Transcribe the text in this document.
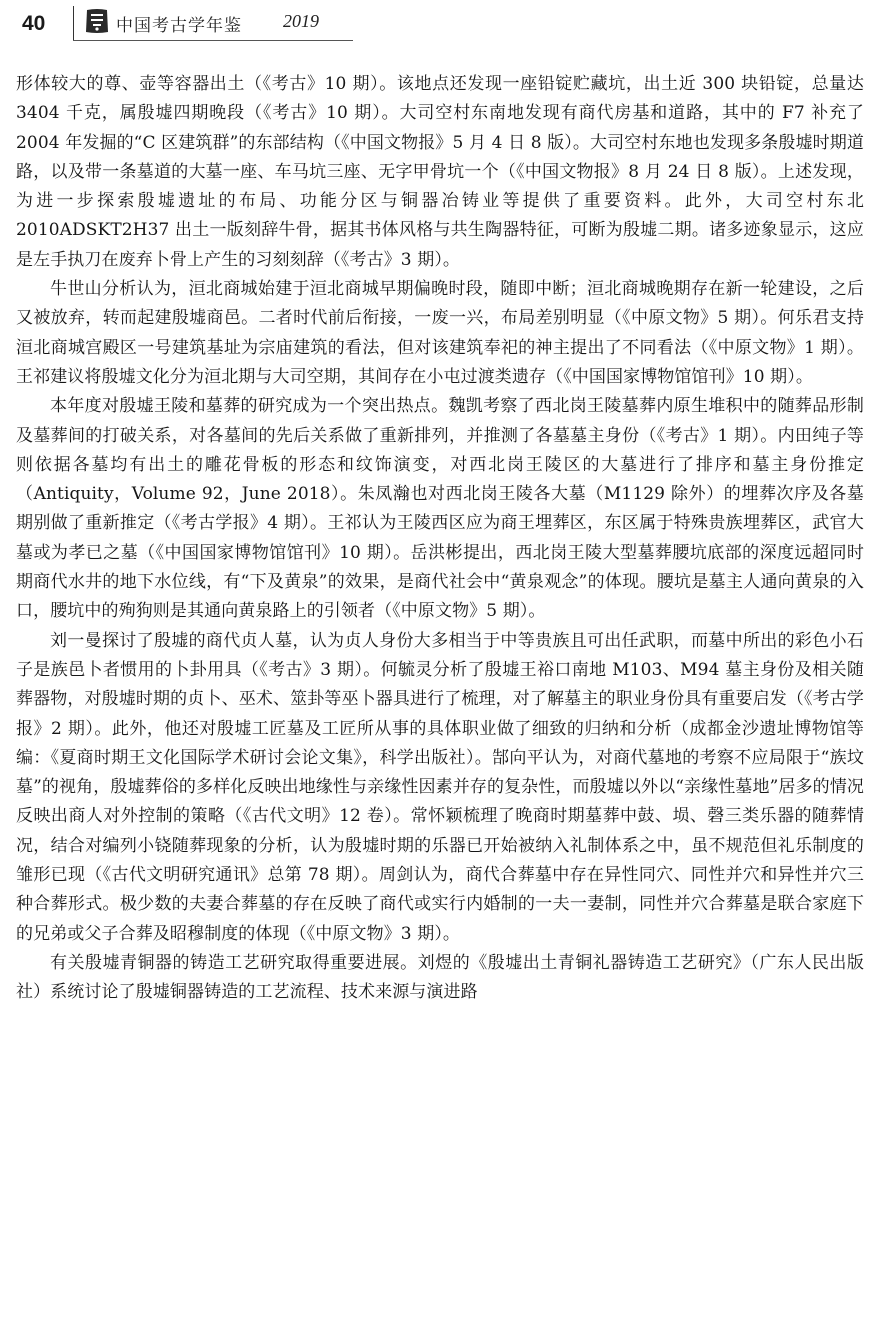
40	中国考古学年鉴 2019

形体较大的尊、壶等容器出土（《考古》10 期）。该地点还发现一座铅锭贮藏坑，出土近 300 块铅锭，总量达 3404 千克，属殷墟四期晚段（《考古》10 期）。大司空村东南地发现有商代房基和道路，其中的 F7 补充了 2004 年发掘的“C 区建筑群”的东部结构（《中国文物报》5 月 4 日 8 版）。大司空村东地也发现多条殷墟时期道路，以及带一条墓道的大墓一座、车马坑三座、无字甲骨坑一个（《中国文物报》8 月 24 日 8 版）。上述发现，为进一步探索殷墟遗址的布局、功能分区与铜器冶铸业等提供了重要资料。此外，大司空村东北 2010ADSKT2H37 出土一版刻辞牛骨，据其书体风格与共生陶器特征，可断为殷墟二期。诸多迹象显示，这应是左手执刀在废弃卜骨上产生的习刻刻辞（《考古》3 期）。

牛世山分析认为，洹北商城始建于洹北商城早期偏晚时段，随即中断；洹北商城晚期存在新一轮建设，之后又被放弃，转而起建殷墟商邑。二者时代前后衔接，一废一兴，布局差别明显（《中原文物》5 期）。何乐君支持洹北商城宫殿区一号建筑基址为宗庙建筑的看法，但对该建筑奉祀的神主提出了不同看法（《中原文物》1 期）。王祁建议将殷墟文化分为洹北期与大司空期，其间存在小屯过渡类遗存（《中国国家博物馆馆刊》10 期）。

本年度对殷墟王陵和墓葬的研究成为一个突出热点。魏凯考察了西北岗王陵墓葬内原生堆积中的随葬品形制及墓葬间的打破关系，对各墓间的先后关系做了重新排列，并推测了各墓墓主身份（《考古》1 期）。内田纯子等则依据各墓均有出土的雕花骨板的形态和纹饰演变，对西北岗王陵区的大墓进行了排序和墓主身份推定（Antiquity，Volume 92，June 2018）。朱凤瀚也对西北岗王陵各大墓（M1129 除外）的埋葬次序及各墓期别做了重新推定（《考古学报》4 期）。王祁认为王陵西区应为商王埋葬区，东区属于特殊贵族埋葬区，武官大墓或为孝已之墓（《中国国家博物馆馆刊》10 期）。岳洪彬提出，西北岗王陵大型墓葬腰坑底部的深度远超同时期商代水井的地下水位线，有“下及黄泉”的效果，是商代社会中“黄泉观念”的体现。腰坑是墓主人通向黄泉的入口，腰坑中的殉狗则是其通向黄泉路上的引领者（《中原文物》5 期）。

刘一曼探讨了殷墟的商代贞人墓，认为贞人身份大多相当于中等贵族且可出任武职，而墓中所出的彩色小石子是族邑卜者惯用的卜卦用具（《考古》3 期）。何毓灵分析了殷墟王裕口南地 M103、M94 墓主身份及相关随葬器物，对殷墟时期的贞卜、巫术、筮卦等巫卜器具进行了梳理，对了解墓主的职业身份具有重要启发（《考古学报》2 期）。此外，他还对殷墟工匠墓及工匠所从事的具体职业做了细致的归纳和分析（成都金沙遗址博物馆等编：《夏商时期王文化国际学术研讨会论文集》，科学出版社）。郜向平认为，对商代墓地的考察不应局限于“族坟墓”的视角，殷墟葬俗的多样化反映出地缘性与亲缘性因素并存的复杂性，而殷墟以外以“亲缘性墓地”居多的情况反映出商人对外控制的策略（《古代文明》12 卷）。常怀颖梳理了晚商时期墓葬中鼓、埙、磬三类乐器的随葬情况，结合对编列小铙随葬现象的分析，认为殷墟时期的乐器已开始被纳入礼制体系之中，虽不规范但礼乐制度的雏形已现（《古代文明研究通讯》总第 78 期）。周剑认为，商代合葬墓中存在异性同穴、同性并穴和异性并穴三种合葬形式。极少数的夫妻合葬墓的存在反映了商代或实行内婚制的一夫一妻制，同性并穴合葬墓是联合家庭下的兄弟或父子合葬及昭穆制度的体现（《中原文物》3 期）。

有关殷墟青铜器的铸造工艺研究取得重要进展。刘煜的《殷墟出土青铜礼器铸造工艺研究》（广东人民出版社）系统讨论了殷墟铜器铸造的工艺流程、技术来源与演进路
